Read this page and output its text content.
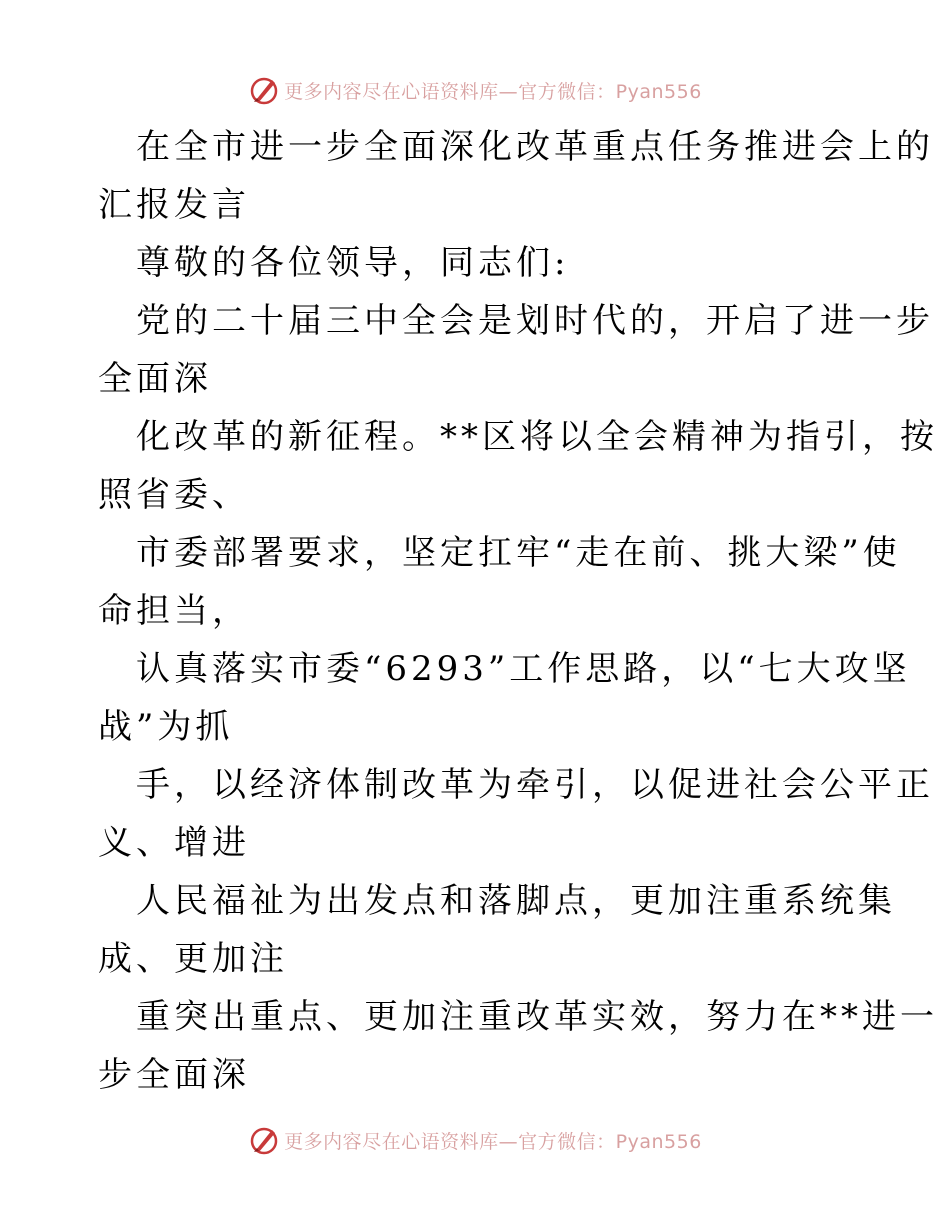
更多内容尽在心语资料库—官方微信：Pyan556
在全市进一步全面深化改革重点任务推进会上的
汇报发言
尊敬的各位领导，同志们:
党的二十届三中全会是划时代的，开启了进一步
全面深
化改革的新征程。**区将以全会精神为指引，按
照省委、
市委部署要求，坚定扛牢“走在前、挑大梁”使
命担当，
认真落实市委“6293”工作思路，以“七大攻坚
战”为抓
手，以经济体制改革为牵引，以促进社会公平正
义、增进
人民福祉为出发点和落脚点，更加注重系统集
成、更加注
重突出重点、更加注重改革实效，努力在**进一
步全面深
更多内容尽在心语资料库—官方微信：Pyan556
